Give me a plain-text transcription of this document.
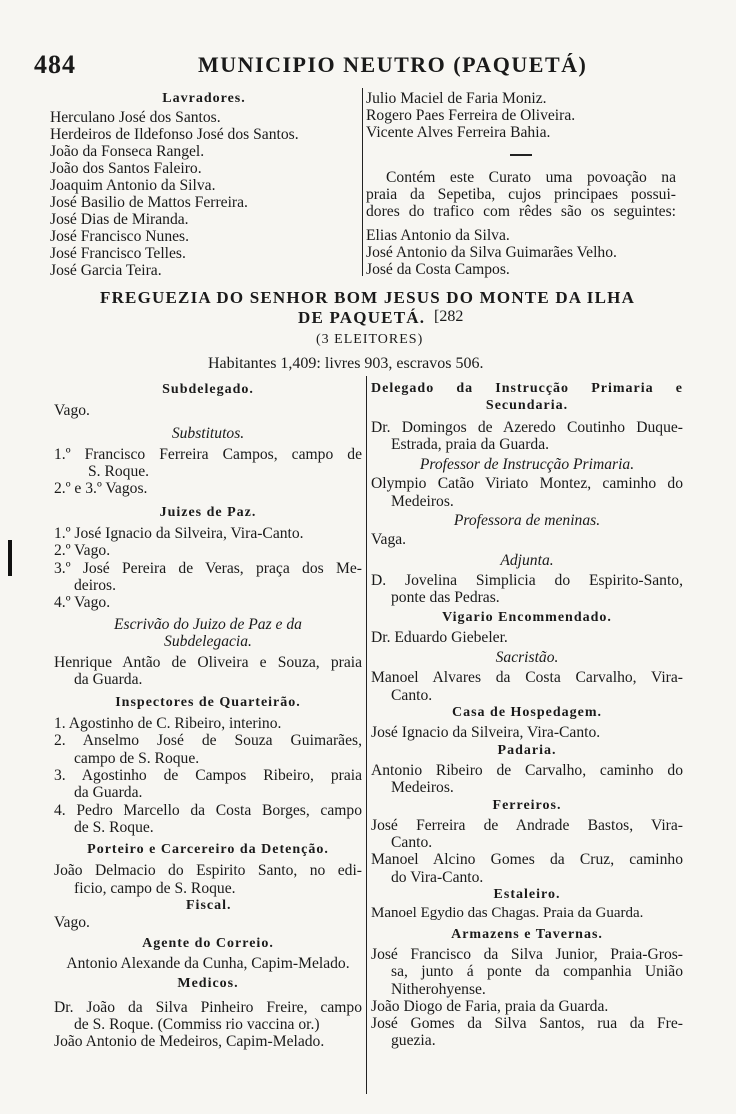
484	MUNICIPIO NEUTRO (PAQUETÁ)
Lavradores.
Herculano José dos Santos.
Herdeiros de Ildefonso José dos Santos.
João da Fonseca Rangel.
João dos Santos Faleiro.
Joaquim Antonio da Silva.
José Basilio de Mattos Ferreira.
José Dias de Miranda.
José Francisco Nunes.
José Francisco Telles.
José Garcia Teira.
Julio Maciel de Faria Moniz.
Rogero Paes Ferreira de Oliveira.
Vicente Alves Ferreira Bahia.
Contém este Curato uma povoação na
praia da Sepetiba, cujos principaes possui-
dores do trafico com rêdes são os seguintes:
Elias Antonio da Silva.
José Antonio da Silva Guimarães Velho.
José da Costa Campos.
FREGUEZIA DO SENHOR BOM JESUS DO MONTE DA ILHA
DE PAQUETÁ. [282
(3 ELEITORES)
Habitantes 1,409: livres 903, escravos 506.
Subdelegado.
Vago.
Substitutos.
1.º Francisco Ferreira Campos, campo de
S. Roque.
2.º e 3.º Vagos.
Juizes de Paz.
1.º José Ignacio da Silveira, Vira-Canto.
2.º Vago.
3.º José Pereira de Veras, praça dos Me-
deiros.
4.º Vago.
Escrivão do Juizo de Paz e da
Subdelegacia.
Henrique Antão de Oliveira e Souza, praia
da Guarda.
Inspectores de Quarteirão.
1. Agostinho de C. Ribeiro, interino.
2. Anselmo José de Souza Guimarães,
campo de S. Roque.
3. Agostinho de Campos Ribeiro, praia
da Guarda.
4. Pedro Marcello da Costa Borges, campo
de S. Roque.
Porteiro e Carcereiro da Detenção.
João Delmacio do Espirito Santo, no edi-
ficio, campo de S. Roque.
Fiscal.
Vago.
Agente do Correio.
Antonio Alexande da Cunha, Capim-Melado.
Medicos.
Dr. João da Silva Pinheiro Freire, campo
de S. Roque. (Commiss rio vaccina or.)
João Antonio de Medeiros, Capim-Melado.
Delegado da Instrucção Primaria e
Secundaria.
Dr. Domingos de Azeredo Coutinho Duque-
Estrada, praia da Guarda.
Professor de Instrucção Primaria.
Olympio Catão Viriato Montez, caminho do
Medeiros.
Professora de meninas.
Vaga.
Adjunta.
D. Jovelina Simplicia do Espirito-Santo,
ponte das Pedras.
Vigario Encommendado.
Dr. Eduardo Giebeler.
Sacristão.
Manoel Alvares da Costa Carvalho, Vira-
Canto.
Casa de Hospedagem.
José Ignacio da Silveira, Vira-Canto.
Padaria.
Antonio Ribeiro de Carvalho, caminho do
Medeiros.
Ferreiros.
José Ferreira de Andrade Bastos, Vira-
Canto.
Manoel Alcino Gomes da Cruz, caminho
do Vira-Canto.
Estaleiro.
Manoel Egydio das Chagas. Praia da Guarda.
Armazens e Tavernas.
José Francisco da Silva Junior, Praia-Gros-
sa, junto á ponte da companhia União
Nitherohyense.
João Diogo de Faria, praia da Guarda.
José Gomes da Silva Santos, rua da Fre-
guezia.
